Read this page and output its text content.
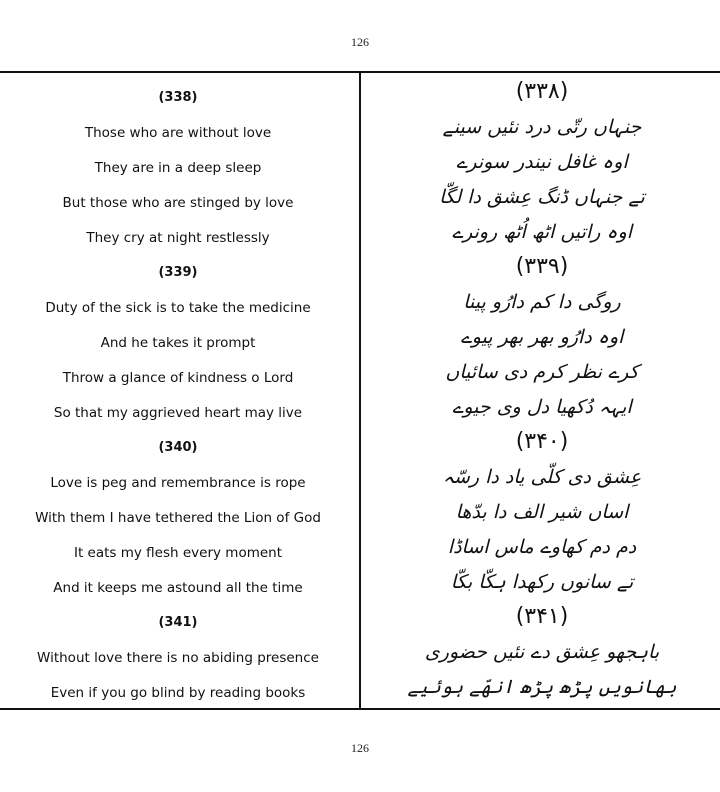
126
(338)
Those who are without love
They are in a deep sleep
But those who are stinged by love
They cry at night restlessly
(339)
Duty of the sick is to take the medicine
And he takes it prompt
Throw a glance of kindness o Lord
So that my aggrieved heart may live
(340)
Love is peg and remembrance is rope
With them I have tethered the Lion of God
It eats my flesh every moment
And it keeps me astound all the time
(341)
Without love there is no abiding presence
Even if you go blind by reading books
(۳۳۸)
جنہاں رتّی درد نئیں سینے
اوہ غافل نیندر سونرے
تے جنہاں ڈنگ عِشق دا لگّا
اوہ راتیں اٹھ اُٹھ رونرے
(۳۳۹)
روگی دا کم دارُو پینا
اوہ دارُو بھر بھر پیوے
کرے نظر کرم دی سائیاں
ایہہ دُکھیا دل وی جیوے
(۳۴۰)
عِشق دی کلّی یاد دا رسّہ
اساں شیر الف دا بدّھا
دم دم کھاوے ماس اساڈا
تے سانوں رکھدا ہکّا بکّا
(۳۴۱)
باہجھو عِشق دے نئیں حضوری
بھانویں پڑھ پڑھ انھّے ہوئیے
126
